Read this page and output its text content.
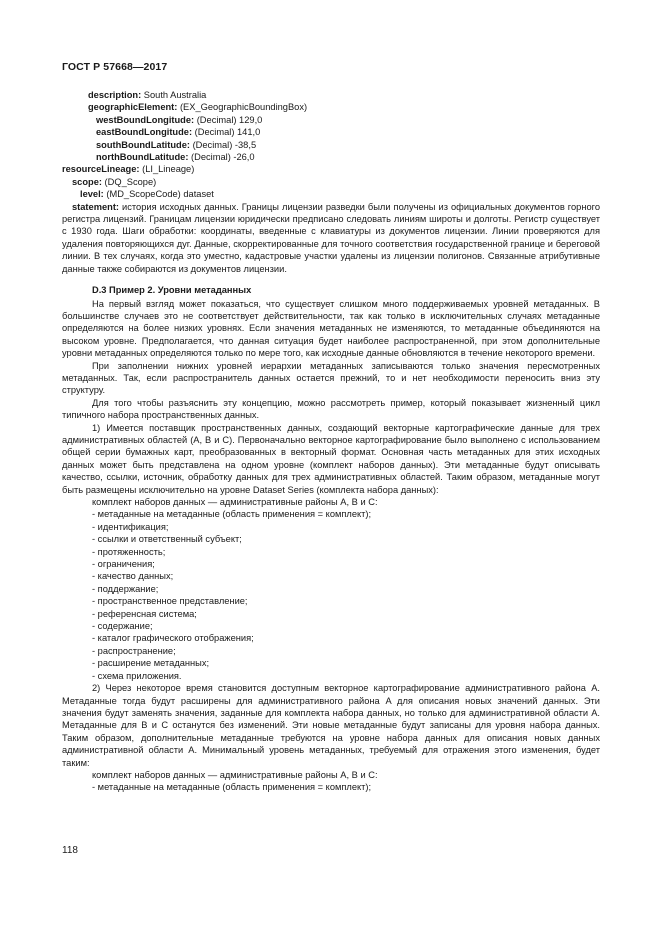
ГОСТ Р 57668—2017
description: South Australia
geographicElement: (EX_GeographicBoundingBox)
westBoundLongitude: (Decimal) 129,0
eastBoundLongitude: (Decimal) 141,0
southBoundLatitude: (Decimal) -38,5
northBoundLatitude: (Decimal) -26,0
resourceLineage: (LI_Lineage)
scope: (DQ_Scope)
level: (MD_ScopeCode) dataset

statement: история исходных данных. Границы лицензии разведки были получены из официальных документов горного регистра лицензий. Границам лицензии юридически предписано следовать линиям широты и долготы. Регистр существует с 1930 года. Шаги обработки: координаты, введенные с клавиатуры из документов лицензии. Линии проверяются для удаления повторяющихся дуг. Данные, скорректированные для точного соответствия государственной границе и береговой линии. В тех случаях, когда это уместно, кадастровые участки удалены из лицензии полигонов. Связанные атрибутивные данные также собираются из документов лицензии.

D.3 Пример 2. Уровни метаданных

На первый взгляд может показаться, что существует слишком много поддерживаемых уровней метаданных. В большинстве случаев это не соответствует действительности, так как только в исключительных случаях метаданные определяются на более низких уровнях. Если значения метаданных не изменяются, то метаданные объединяются на высоком уровне. Предполагается, что данная ситуация будет наиболее распространенной, при этом дополнительные уровни метаданных определяются только по мере того, как исходные данные обновляются в течение некоторого времени.

При заполнении нижних уровней иерархии метаданных записываются только значения пересмотренных метаданных. Так, если распространитель данных остается прежний, то и нет необходимости переносить вниз эту структуру.

Для того чтобы разъяснить эту концепцию, можно рассмотреть пример, который показывает жизненный цикл типичного набора пространственных данных.

1) Имеется поставщик пространственных данных, создающий векторные картографические данные для трех административных областей (A, B и C). Первоначально векторное картографирование было выполнено с использованием общей серии бумажных карт, преобразованных в векторный формат. Основная часть метаданных для этих исходных данных может быть представлена на одном уровне (комплект наборов данных). Эти метаданные будут описывать качество, ссылки, источник, обработку данных для трех административных областей. Таким образом, метаданные могут быть размещены исключительно на уровне Dataset Series (комплекта набора данных):

комплект наборов данных — административные районы A, B и C:
- метаданные на метаданные (область применения = комплект);
- идентификация;
- ссылки и ответственный субъект;
- протяженность;
- ограничения;
- качество данных;
- поддержание;
- пространственное представление;
- референсная система;
- содержание;
- каталог графического отображения;
- распространение;
- расширение метаданных;
- схема приложения.

2) Через некоторое время становится доступным векторное картографирование административного района A. Метаданные тогда будут расширены для административного района A для описания новых значений данных. Эти значения будут заменять значения, заданные для комплекта набора данных, но только для административной области A. Метаданные для B и C останутся без изменений. Эти новые метаданные будут записаны для уровня набора данных. Таким образом, дополнительные метаданные требуются на уровне набора данных для описания новых данных административной области A. Минимальный уровень метаданных, требуемый для отражения этого изменения, будет таким:

комплект наборов данных — административные районы A, B и C:
- метаданные на метаданные (область применения = комплект);
118
